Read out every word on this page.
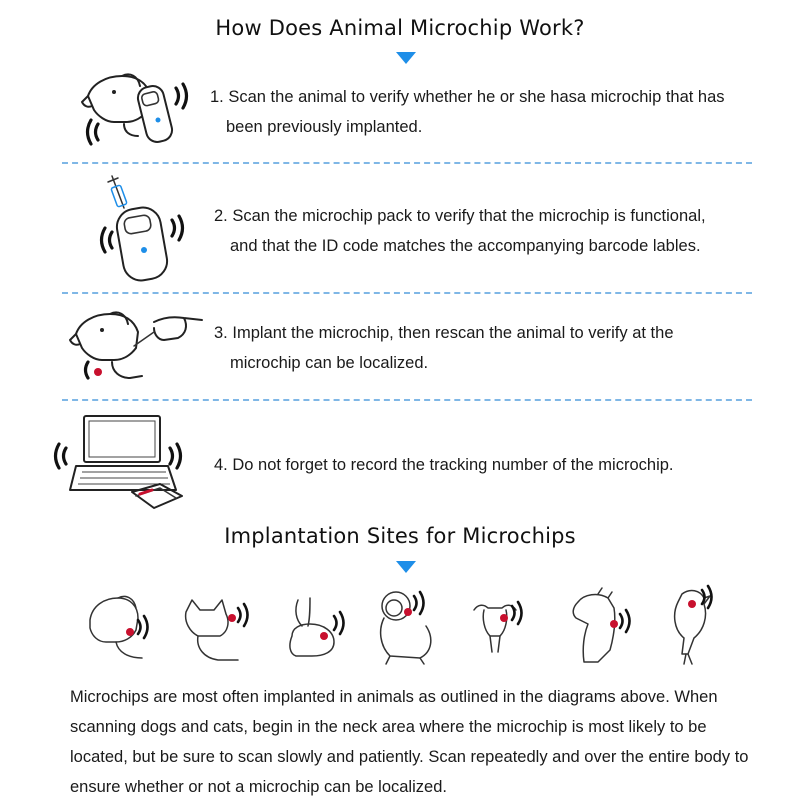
How Does Animal Microchip Work?
1. Scan the animal to verify whether he or she hasa microchip that has
been previously implanted.
2. Scan the microchip pack to verify that the microchip is functional,
and that the ID code matches the accompanying barcode lables.
3. Implant the microchip, then rescan the animal to verify at the
microchip can be localized.
4. Do not forget to record the tracking number of the microchip.
Implantation Sites for Microchips
Microchips are most often implanted in animals as outlined in the diagrams above. When scanning dogs and cats, begin in the neck area where the microchip is most likely to be located, but be sure to scan slowly and patiently. Scan repeatedly and over the entire body to ensure whether or not a microchip can be localized.
